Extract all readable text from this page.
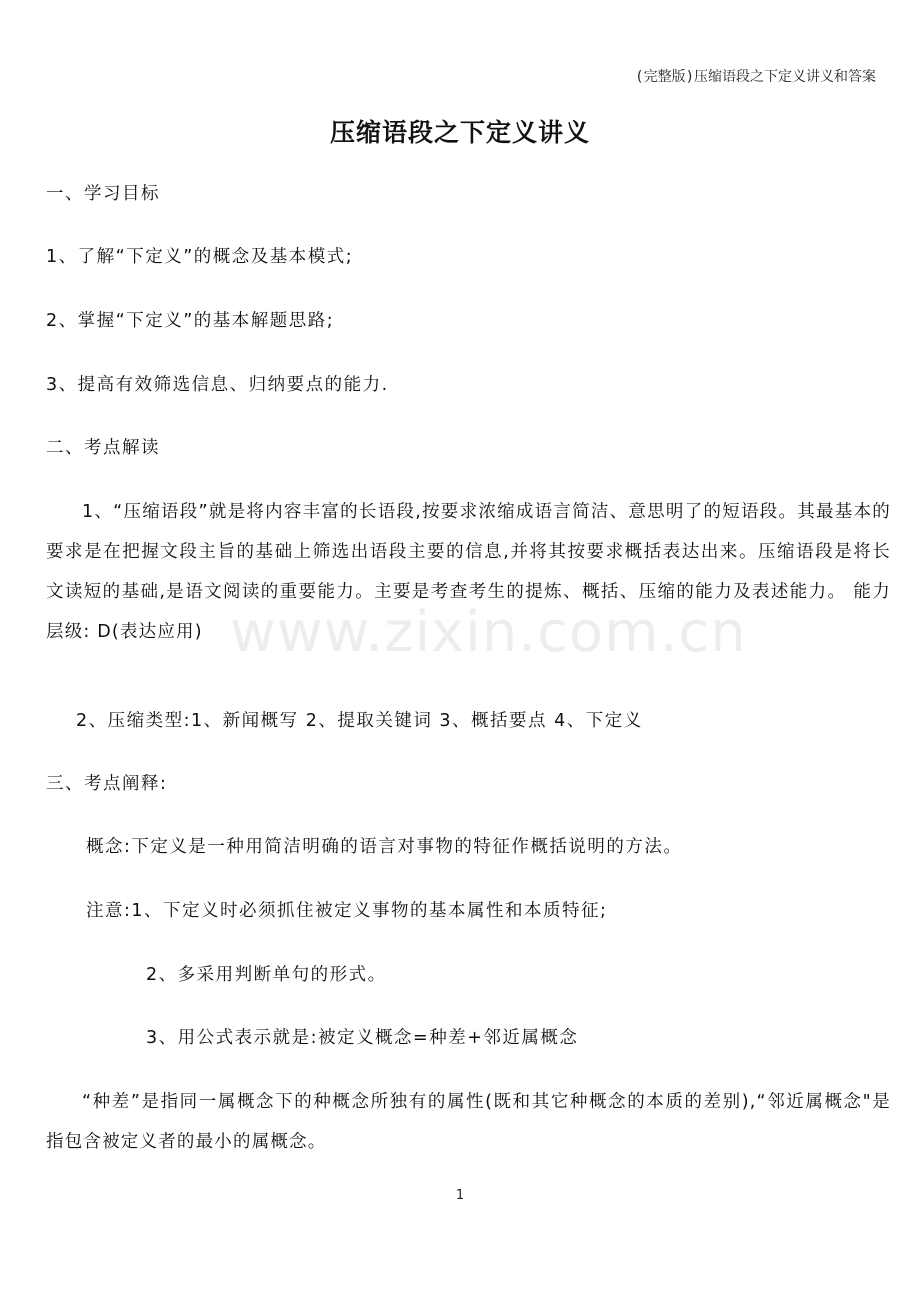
(完整版)压缩语段之下定义讲义和答案
压缩语段之下定义讲义
一、学习目标
1、了解“下定义”的概念及基本模式;
2、掌握“下定义”的基本解题思路;
3、提高有效筛选信息、归纳要点的能力.
二、考点解读

1、“压缩语段”就是将内容丰富的长语段,按要求浓缩成语言简洁、意思明了的短语段。其最基本的要求是在把握文段主旨的基础上筛选出语段主要的信息,并将其按要求概括表达出来。压缩语段是将长文读短的基础,是语文阅读的重要能力。主要是考查考生的提炼、概括、压缩的能力及表述能力。 能力层级: D(表达应用)

2、压缩类型:1、新闻概写 2、提取关键词 3、概括要点 4、下定义
三、考点阐释:
概念:下定义是一种用简洁明确的语言对事物的特征作概括说明的方法。
注意:1、下定义时必须抓住被定义事物的基本属性和本质特征;
2、多采用判断单句的形式。
3、用公式表示就是:被定义概念=种差+邻近属概念

“种差”是指同一属概念下的种概念所独有的属性(既和其它种概念的本质的差别),“邻近属概念"是指包含被定义者的最小的属概念。

www.zixin.com.cn
1
